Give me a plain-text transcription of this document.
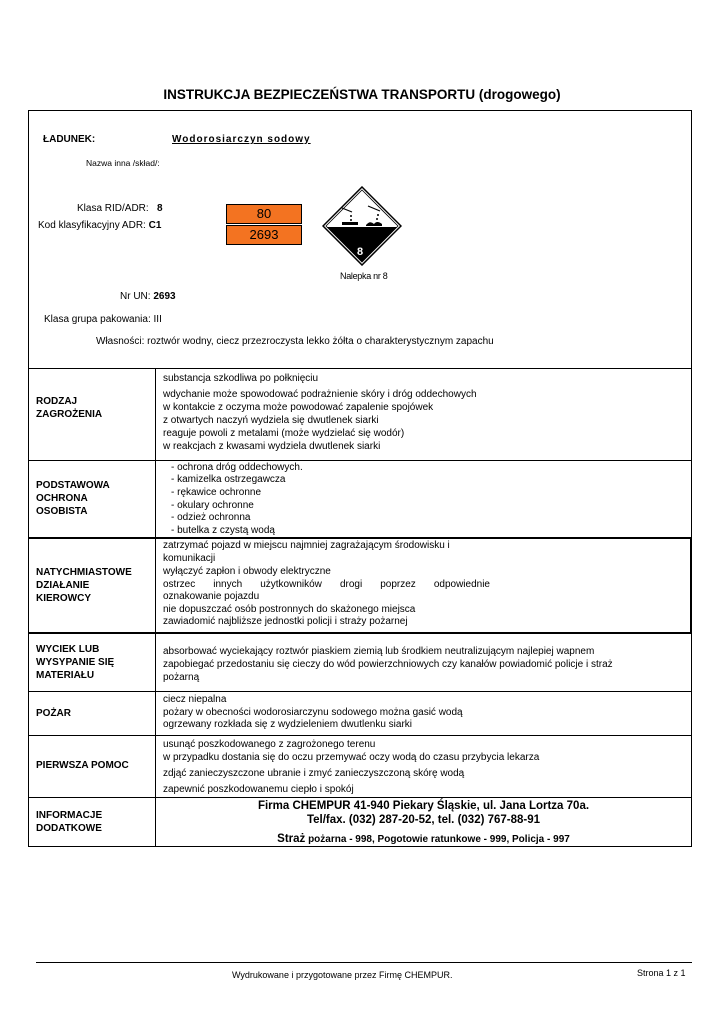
INSTRUKCJA BEZPIECZEŃSTWA TRANSPORTU (drogowego)
ŁADUNEK:	Wodorosiarczyn sodowy
Nazwa inna /skład/:
Klasa RID/ADR: 8
Kod klasyfikacyjny ADR: C1
80
2693
8
Nalepka nr 8
Nr UN: 2693
Klasa grupa pakowania: III
Własności: roztwór wodny, ciecz przezroczysta lekko żółta o charakterystycznym zapachu
RODZAJ
ZAGROŻENIA
PODSTAWOWA
OCHRONA
OSOBISTA
NATYCHMIASTOWE
DZIAŁANIE
KIEROWCY
WYCIEK LUB
WYSYPANIE SIĘ
MATERIAŁU
POŻAR
PIERWSZA POMOC
INFORMACJE
DODATKOWE
substancja szkodliwa po połknięciu
wdychanie może spowodować podrażnienie skóry i dróg oddechowych
w kontakcie z oczyma może powodować zapalenie spojówek
z otwartych naczyń wydziela się dwutlenek siarki
reaguje powoli z metalami (może wydzielać się wodór)
w reakcjach z kwasami wydziela dwutlenek siarki
- ochrona dróg oddechowych.
- kamizelka ostrzegawcza
- rękawice ochronne
- okulary ochronne
- odzież ochronna
- butelka z czystą wodą
zatrzymać pojazd w miejscu najmniej zagrażającym środowisku i
komunikacji
wyłączyć zapłon i obwody elektryczne
ostrzec innych użytkowników drogi poprzez odpowiednie
oznakowanie pojazdu
nie dopuszczać osób postronnych do skażonego miejsca
zawiadomić najbliższe jednostki policji i straży pożarnej
absorbować wyciekający roztwór piaskiem ziemią lub środkiem neutralizującym najlepiej wapnem
zapobiegać przedostaniu się cieczy do wód powierzchniowych czy kanałów powiadomić policje i straż
pożarną
ciecz niepalna
pożary w obecności wodorosiarczynu sodowego można gasić wodą
ogrzewany rozkłada się z wydzieleniem dwutlenku siarki
usunąć poszkodowanego z zagrożonego terenu
w przypadku dostania się do oczu przemywać oczy wodą do czasu przybycia lekarza
zdjąć zanieczyszczone ubranie i zmyć zanieczyszczoną skórę wodą
zapewnić poszkodowanemu ciepło i spokój
Firma CHEMPUR 41-940 Piekary Śląskie, ul. Jana Lortza 70a.
Tel/fax. (032) 287-20-52, tel. (032) 767-88-91
Straż pożarna - 998, Pogotowie ratunkowe - 999, Policja - 997
Wydrukowane i przygotowane przez Firmę CHEMPUR.	Strona 1 z 1
